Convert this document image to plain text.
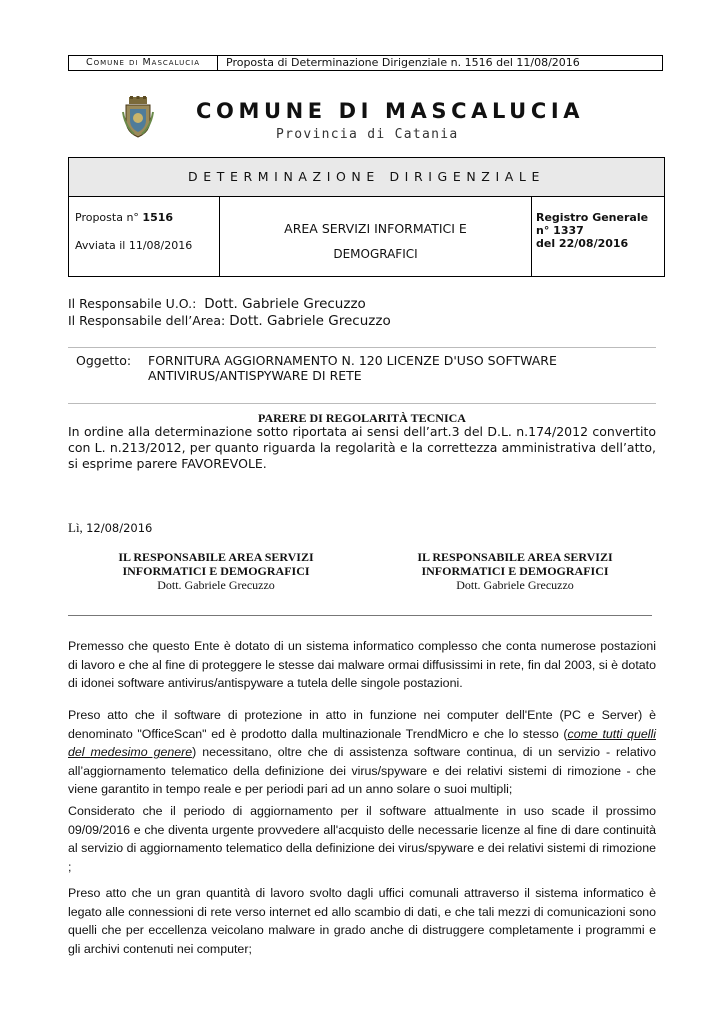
Comune di Mascalucia	Proposta di Determinazione Dirigenziale n. 1516 del 11/08/2016
COMUNE DI MASCALUCIA
Provincia di Catania
DETERMINAZIONE DIRIGENZIALE
Proposta n° 1516
Avviata il 11/08/2016
AREA SERVIZI INFORMATICI E
DEMOGRAFICI
Registro Generale
n° 1337
del 22/08/2016
Il Responsabile U.O.: Dott. Gabriele Grecuzzo
Il Responsabile dell’Area: Dott. Gabriele Grecuzzo
Oggetto: FORNITURA AGGIORNAMENTO N. 120 LICENZE D'USO SOFTWARE
ANTIVIRUS/ANTISPYWARE DI RETE
PARERE DI REGOLARITÀ TECNICA
In ordine alla determinazione sotto riportata ai sensi dell’art.3 del D.L. n.174/2012 convertito con L. n.213/2012, per quanto riguarda la regolarità e la correttezza amministrativa dell’atto, si esprime parere FAVOREVOLE.
Lì, 12/08/2016
IL RESPONSABILE AREA SERVIZI
INFORMATICI E DEMOGRAFICI
Dott. Gabriele Grecuzzo
IL RESPONSABILE AREA SERVIZI
INFORMATICI E DEMOGRAFICI
Dott. Gabriele Grecuzzo
Premesso che questo Ente è dotato di un sistema informatico complesso che conta numerose postazioni di lavoro e che al fine di proteggere le stesse dai malware ormai diffusissimi in rete, fin dal 2003, si è dotato di idonei software antivirus/antispyware a tutela delle singole postazioni.
Preso atto che il software di protezione in atto in funzione nei computer dell'Ente (PC e Server) è denominato "OfficeScan" ed è prodotto dalla multinazionale TrendMicro e che lo stesso (come tutti quelli del medesimo genere) necessitano, oltre che di assistenza software continua, di un servizio - relativo all’aggiornamento telematico della definizione dei virus/spyware e dei relativi sistemi di rimozione - che viene garantito in tempo reale e per periodi pari ad un anno solare o suoi multipli;
Considerato che il periodo di aggiornamento per il software attualmente in uso scade il prossimo 09/09/2016 e che diventa urgente provvedere all'acquisto delle necessarie licenze al fine di dare continuità al servizio di aggiornamento telematico della definizione dei virus/spyware e dei relativi sistemi di rimozione ;
Preso atto che un gran quantità di lavoro svolto dagli uffici comunali attraverso il sistema informatico è legato alle connessioni di rete verso internet ed allo scambio di dati, e che tali mezzi di comunicazioni sono quelli che per eccellenza veicolano malware in grado anche di distruggere completamente i programmi e gli archivi contenuti nei computer;
